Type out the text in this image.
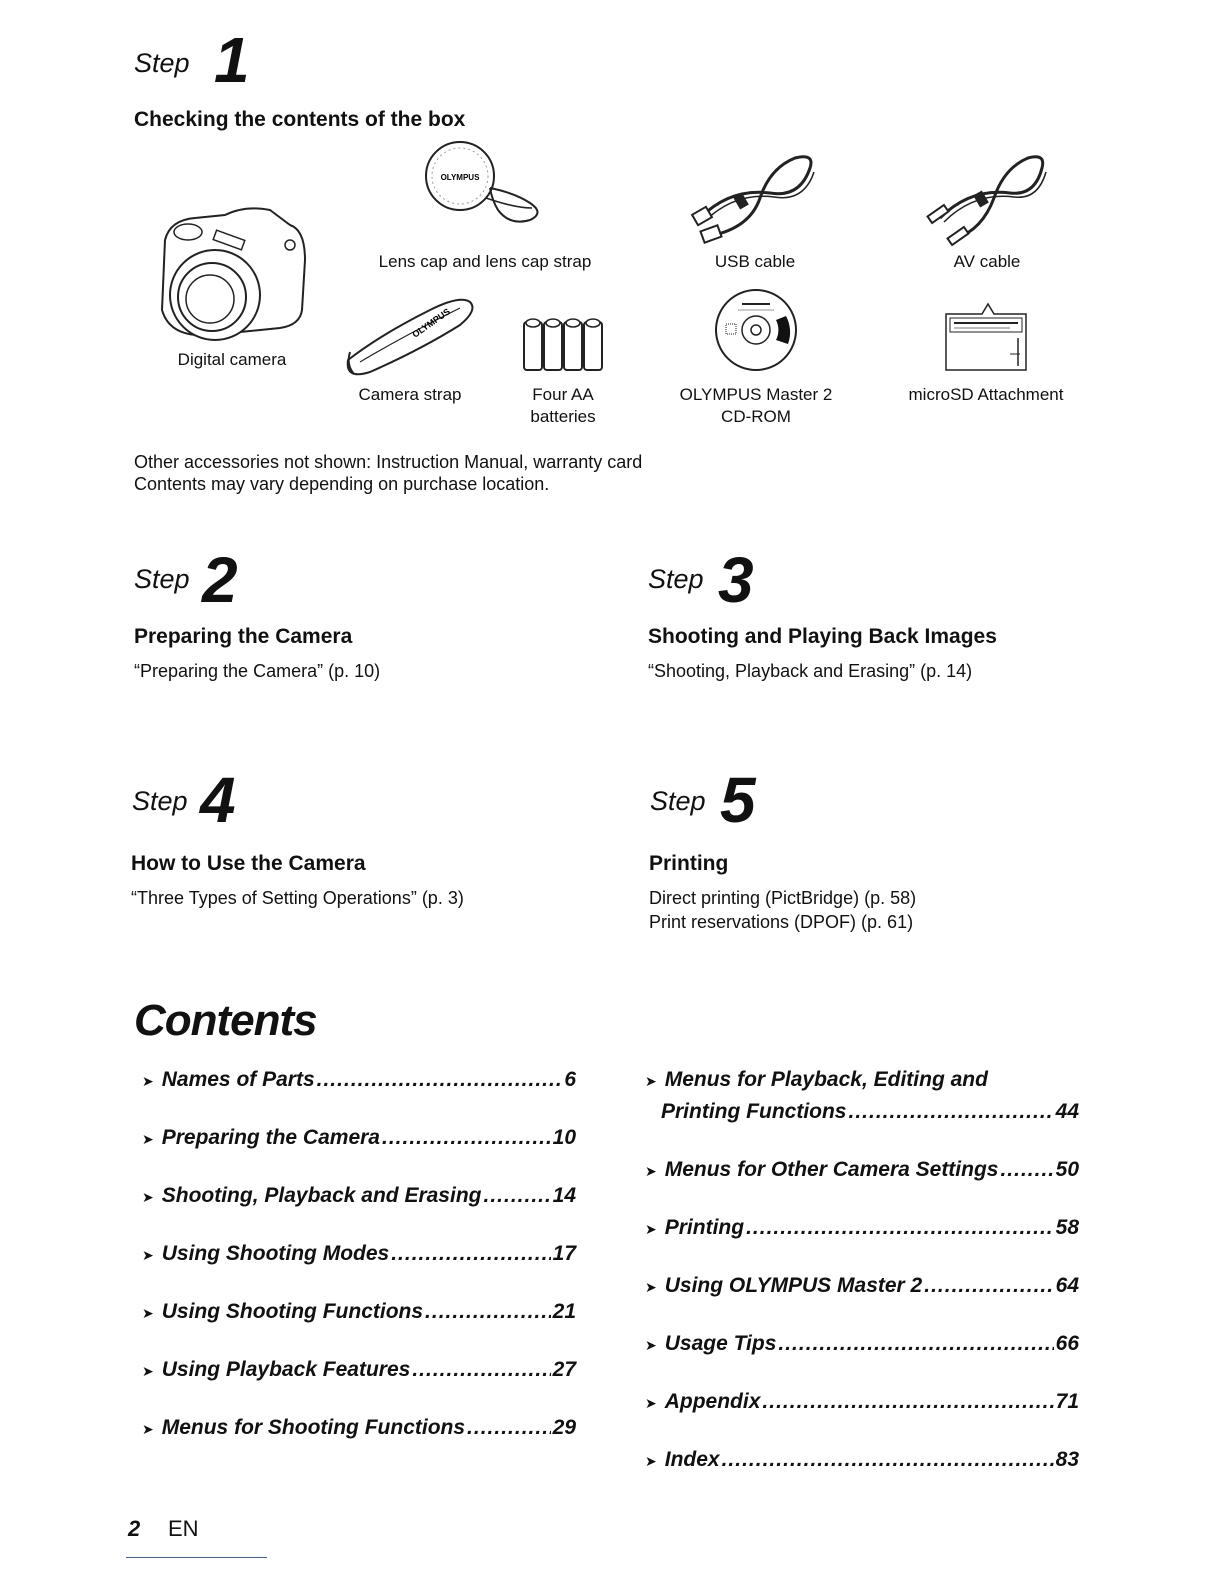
Step 1
Checking the contents of the box
Digital camera
OLYMPUS
Lens cap and lens cap strap	USB cable	AV cable
OLYMPUS
Camera strap	Four AA
batteries
OLYMPUS Master 2
CD-ROM
microSD Attachment
Other accessories not shown: Instruction Manual, warranty card
Contents may vary depending on purchase location.
Step 2
Preparing the Camera
“Preparing the Camera” (p. 10)
Step 3
Shooting and Playing Back Images
“Shooting, Playback and Erasing” (p. 14)
Step 4
How to Use the Camera
“Three Types of Setting Operations” (p. 3)
Step 5
Printing
Direct printing (PictBridge) (p. 58)
Print reservations (DPOF) (p. 61)
Contents
➤ Names of Parts .....	6
➤ Preparing the Camera .....	10
➤ Shooting, Playback and Erasing .....	14
➤ Using Shooting Modes .....	17
➤ Using Shooting Functions .....	21
➤ Using Playback Features .....	27
➤ Menus for Shooting Functions .....	29
➤ Menus for Playback, Editing and
Printing Functions .....	44
➤ Menus for Other Camera Settings .....	50
➤ Printing .....	58
➤ Using OLYMPUS Master 2 .....	64
➤ Usage Tips .....	66
➤ Appendix .....	71
➤ Index .....	83
2 EN
